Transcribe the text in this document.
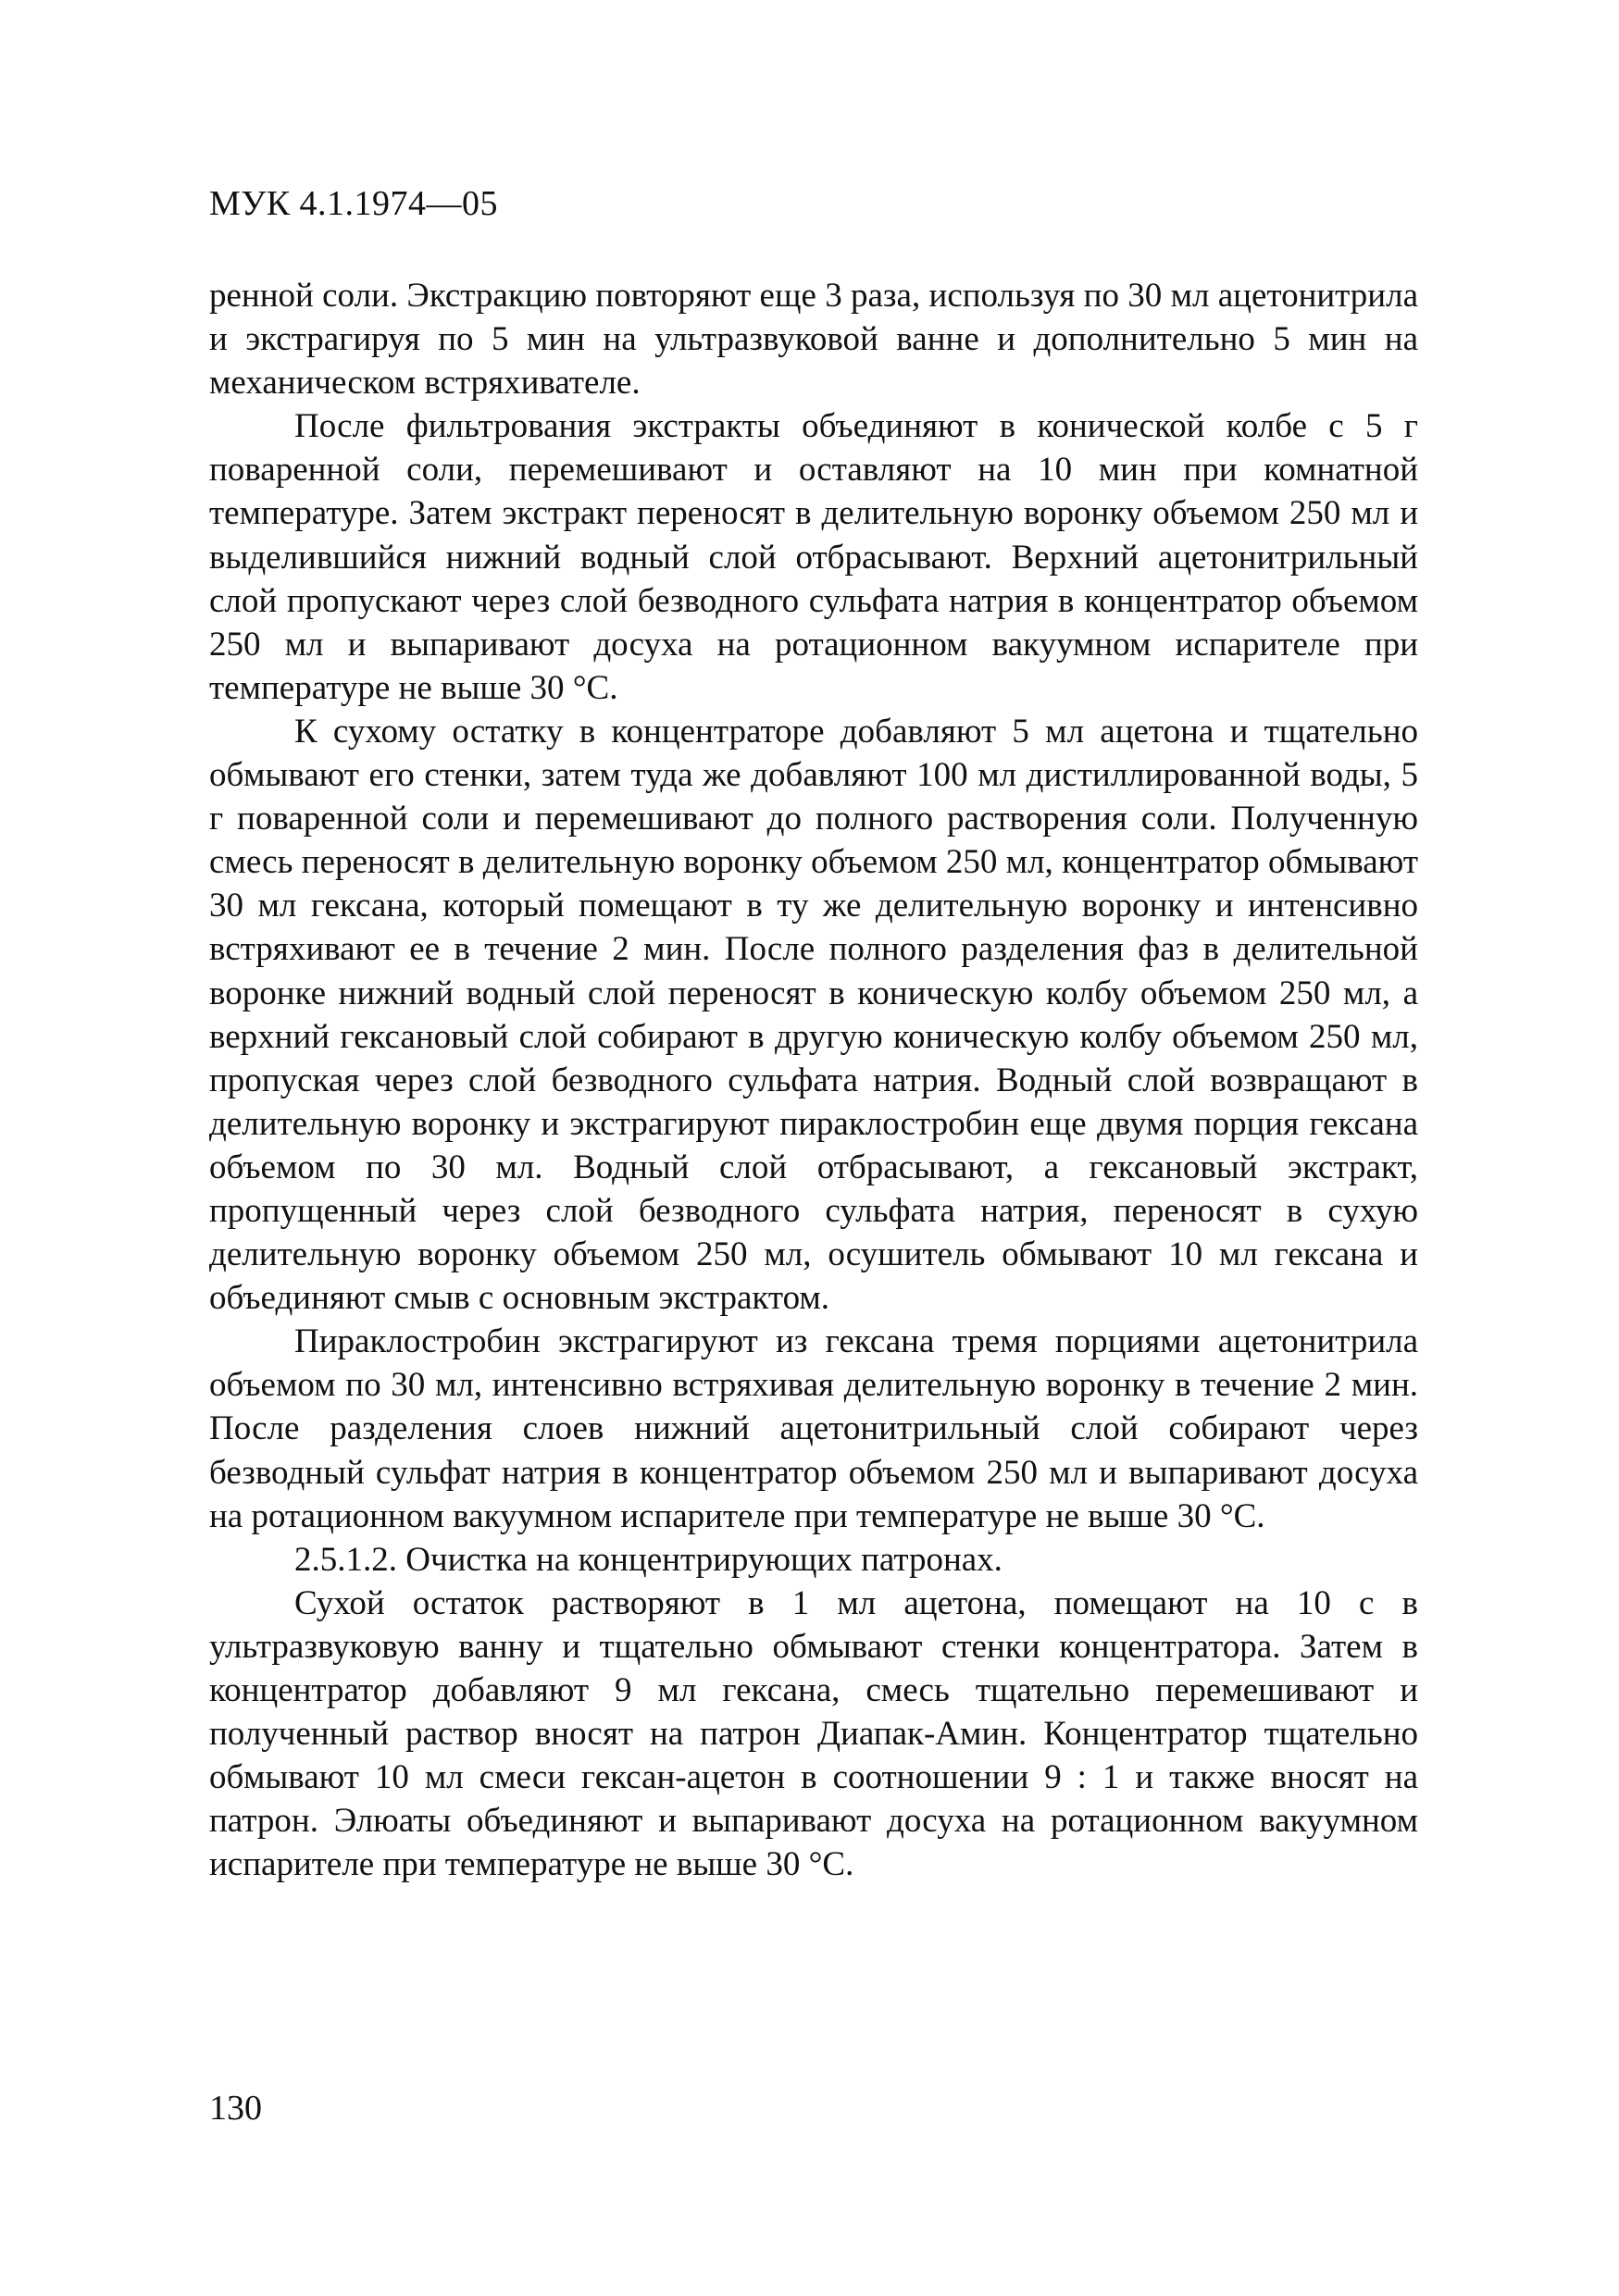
МУК 4.1.1974—05

ренной соли. Экстракцию повторяют еще 3 раза, используя по 30 мл ацетонитрила и экстрагируя по 5 мин на ультразвуковой ванне и дополнительно 5 мин на механическом встряхивателе.

После фильтрования экстракты объединяют в конической колбе с 5 г поваренной соли, перемешивают и оставляют на 10 мин при комнатной температуре. Затем экстракт переносят в делительную воронку объемом 250 мл и выделившийся нижний водный слой отбрасывают. Верхний ацетонитрильный слой пропускают через слой безводного сульфата натрия в концентратор объемом 250 мл и выпаривают досуха на ротационном вакуумном испарителе при температуре не выше 30 °С.

К сухому остатку в концентраторе добавляют 5 мл ацетона и тщательно обмывают его стенки, затем туда же добавляют 100 мл дистиллированной воды, 5 г поваренной соли и перемешивают до полного растворения соли. Полученную смесь переносят в делительную воронку объемом 250 мл, концентратор обмывают 30 мл гексана, который помещают в ту же делительную воронку и интенсивно встряхивают ее в течение 2 мин. После полного разделения фаз в делительной воронке нижний водный слой переносят в коническую колбу объемом 250 мл, а верхний гексановый слой собирают в другую коническую колбу объемом 250 мл, пропуская через слой безводного сульфата натрия. Водный слой возвращают в делительную воронку и экстрагируют пираклостробин еще двумя порция гексана объемом по 30 мл. Водный слой отбрасывают, а гексановый экстракт, пропущенный через слой безводного сульфата натрия, переносят в сухую делительную воронку объемом 250 мл, осушитель обмывают 10 мл гексана и объединяют смыв с основным экстрактом.

Пираклостробин экстрагируют из гексана тремя порциями ацетонитрила объемом по 30 мл, интенсивно встряхивая делительную воронку в течение 2 мин. После разделения слоев нижний ацетонитрильный слой собирают через безводный сульфат натрия в концентратор объемом 250 мл и выпаривают досуха на ротационном вакуумном испарителе при температуре не выше 30 °С.

2.5.1.2. Очистка на концентрирующих патронах.

Сухой остаток растворяют в 1 мл ацетона, помещают на 10 с в ультразвуковую ванну и тщательно обмывают стенки концентратора. Затем в концентратор добавляют 9 мл гексана, смесь тщательно перемешивают и полученный раствор вносят на патрон Диапак-Амин. Концентратор тщательно обмывают 10 мл смеси гексан-ацетон в соотношении 9 : 1 и также вносят на патрон. Элюаты объединяют и выпаривают досуха на ротационном вакуумном испарителе при температуре не выше 30 °С.

130
